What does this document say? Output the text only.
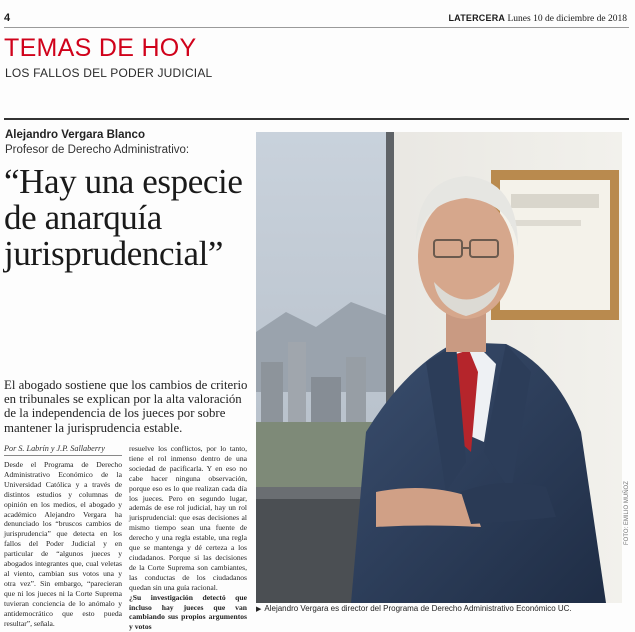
4	LATERCERA Lunes 10 de diciembre de 2018
TEMAS DE HOY
LOS FALLOS DEL PODER JUDICIAL
Alejandro Vergara Blanco
Profesor de Derecho Administrativo:
“Hay una especie de anarquía jurisprudencial”
El abogado sostiene que los cambios de criterio en tribunales se explican por la alta valoración de la independencia de los jueces por sobre mantener la jurisprudencia estable.
Por S. Labrín y J.P. Sallaberry
Desde el Programa de Derecho Administrativo Económico de la Universidad Católica y a través de distintos estudios y columnas de opinión en los medios, el abogado y académico Alejandro Vergara ha denunciado los “bruscos cambios de jurisprudencia” que detecta en los fallos del Poder Judicial y en particular de “algunos jueces y abogados integrantes que, cual veletas al viento, cambian sus votos una y otra vez”. Sin embargo, “parecieran que ni los jueces ni la Corte Suprema tuvieran conciencia de lo anómalo y antidemocrático que esto pueda resultar”, señala.
resuelve los conflictos, por lo tanto, tiene el rol inmenso dentro de una sociedad de pacificarla. Y en eso no cabe hacer ninguna observación, porque eso es lo que realizan cada día los jueces. Pero en segundo lugar, además de ese rol judicial, hay un rol jurisprudencial: que esas decisiones al mismo tiempo sean una fuente de derecho y una regla estable, una regla que se mantenga y dé certeza a los ciudadanos. Porque si las decisiones de la Corte Suprema son cambiantes, las conductas de los ciudadanos quedan sin una guía racional.
¿Su investigación detectó que incluso hay jueces que van cambiando sus propios argumentos y votos
FOTO: EMILIO MUÑOZ
▶ Alejandro Vergara es director del Programa de Derecho Administrativo Económico UC.
